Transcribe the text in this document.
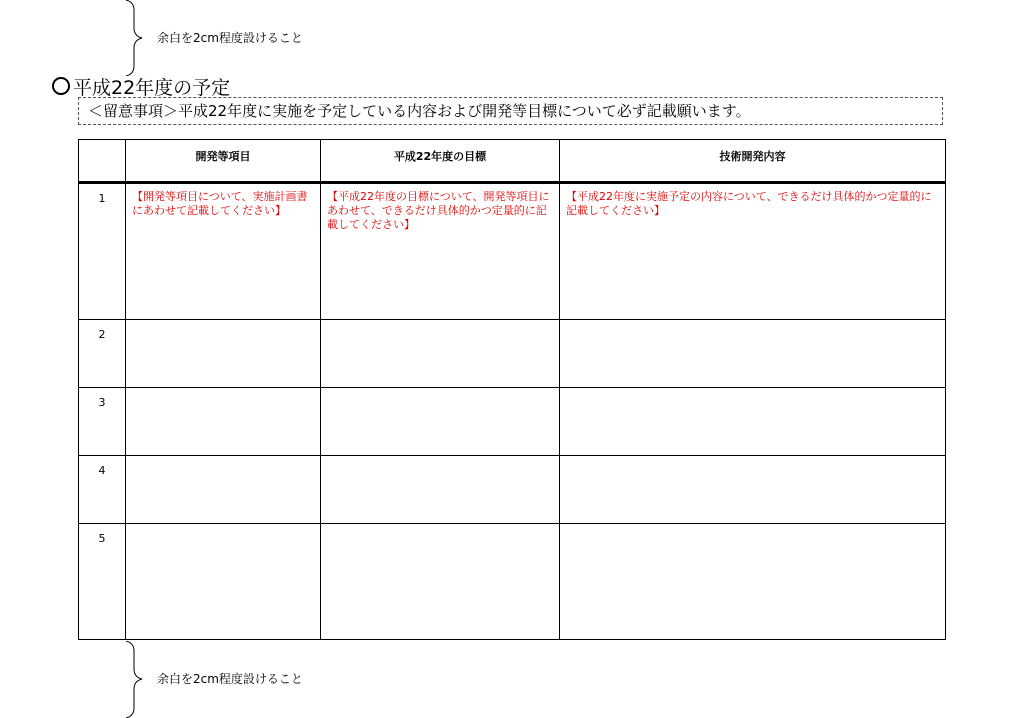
余白を2cm程度設けること
平成22年度の予定
＜留意事項＞平成22年度に実施を予定している内容および開発等目標について必ず記載願います。
	開発等項目	平成22年度の目標	技術開発内容
1	【開発等項目について、実施計画書にあわせて記載してください】	【平成22年度の目標について、開発等項目にあわせて、できるだけ具体的かつ定量的に記載してください】	【平成22年度に実施予定の内容について、できるだけ具体的かつ定量的に記載してください】
2			
3			
4			
5			
余白を2cm程度設けること
